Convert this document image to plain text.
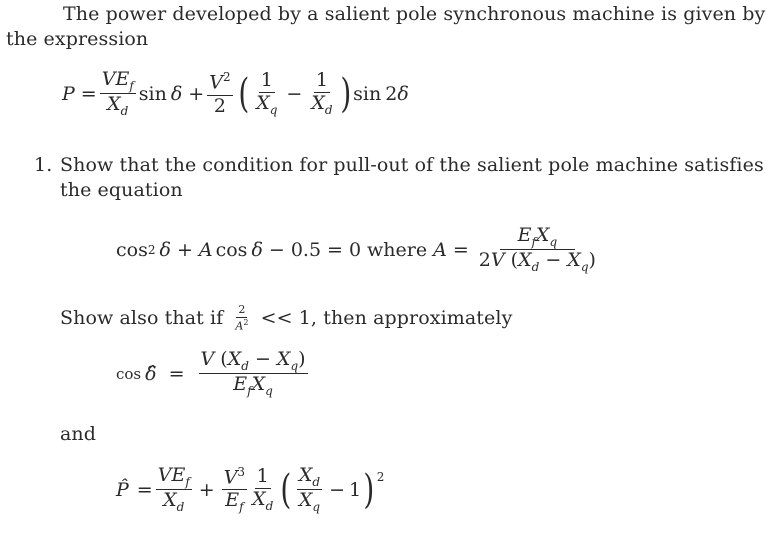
The power developed by a salient pole synchronous machine is given by
the expression
$P = \frac{VE_f}{X_d}$ $\sin \delta + \frac{V^2}{2}$ ( $\frac{1}{X_q} - \frac{1}{X_d}$ ) sin 2 δ
1. Show that the condition for pull-out of the salient pole machine satisfies
the equation
cos 2 δ + A cos δ − 0.5 = 0 where $A = \frac{E_fX_q}{2V (X_d - X_q)}$
Show also that if $\frac{2}{A^2} << 1$, then approximately
cos δ̂ = $\frac{V (X_d - X_q)}{E_fX_q}$
and
P̂ = $\frac{VE_f}{X_d} + \frac{V^3}{E_f} \frac{1}{X_d}$ ( $\frac{X_d}{X_q} - 1$ ) 2
